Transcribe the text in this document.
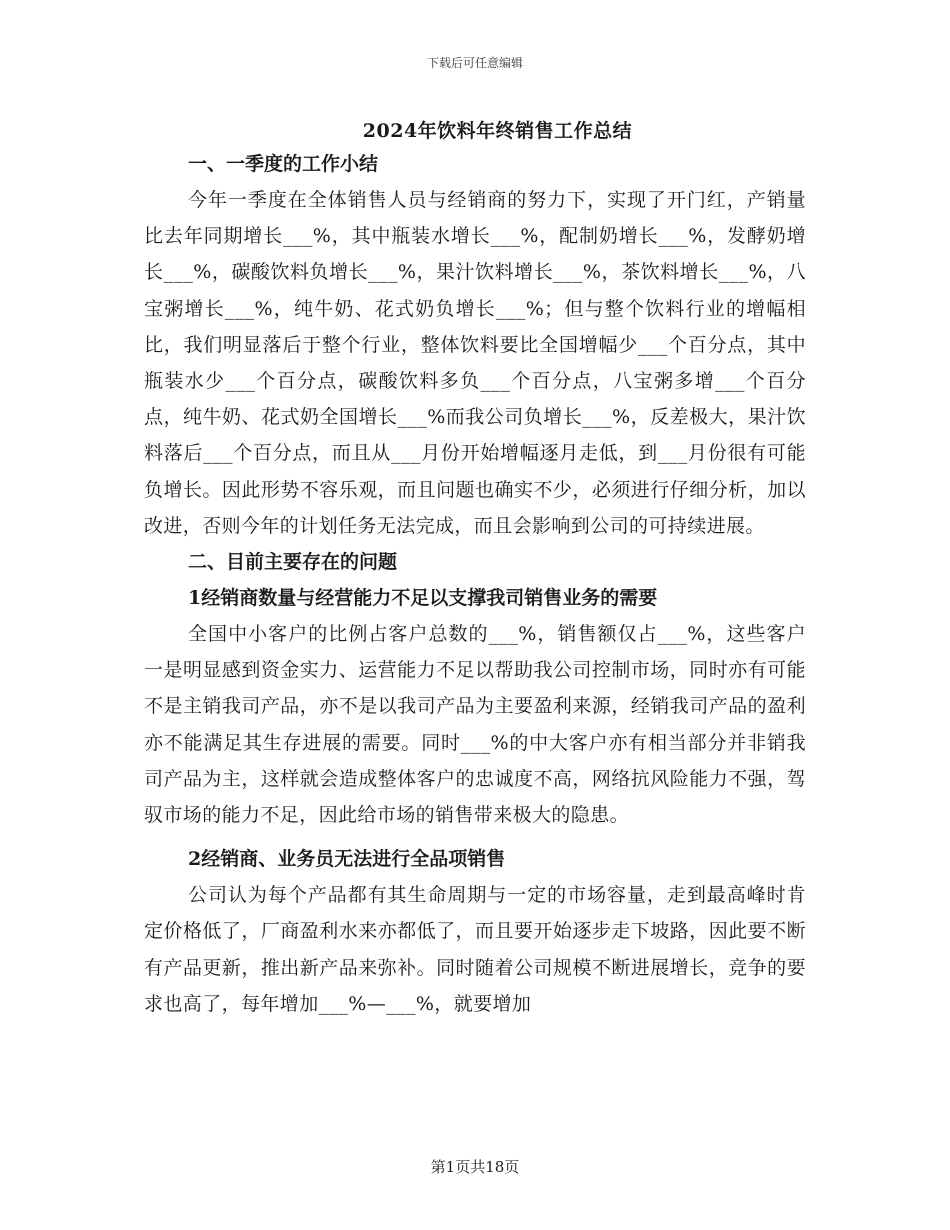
下载后可任意编辑
2024年饮料年终销售工作总结
一、一季度的工作小结

今年一季度在全体销售人员与经销商的努力下，实现了开门红，产销量比去年同期增长___%，其中瓶装水增长___%，配制奶增长___%，发酵奶增长___%，碳酸饮料负增长___%，果汁饮料增长___%，茶饮料增长___%，八宝粥增长___%，纯牛奶、花式奶负增长___%；但与整个饮料行业的增幅相比，我们明显落后于整个行业，整体饮料要比全国增幅少___个百分点，其中瓶装水少___个百分点，碳酸饮料多负___个百分点，八宝粥多增___个百分点，纯牛奶、花式奶全国增长___%而我公司负增长___%，反差极大，果汁饮料落后___个百分点，而且从___月份开始增幅逐月走低，到___月份很有可能负增长。因此形势不容乐观，而且问题也确实不少，必须进行仔细分析，加以改进，否则今年的计划任务无法完成，而且会影响到公司的可持续进展。

二、目前主要存在的问题
1经销商数量与经营能力不足以支撑我司销售业务的需要

全国中小客户的比例占客户总数的___%，销售额仅占___%，这些客户一是明显感到资金实力、运营能力不足以帮助我公司控制市场，同时亦有可能不是主销我司产品，亦不是以我司产品为主要盈利来源，经销我司产品的盈利亦不能满足其生存进展的需要。同时___%的中大客户亦有相当部分并非销我司产品为主，这样就会造成整体客户的忠诚度不高，网络抗风险能力不强，驾驭市场的能力不足，因此给市场的销售带来极大的隐患。

2经销商、业务员无法进行全品项销售

公司认为每个产品都有其生命周期与一定的市场容量，走到最高峰时肯定价格低了，厂商盈利水来亦都低了，而且要开始逐步走下坡路，因此要不断有产品更新，推出新产品来弥补。同时随着公司规模不断进展增长，竞争的要求也高了，每年增加___%—___%，就要增加

第1页共18页
